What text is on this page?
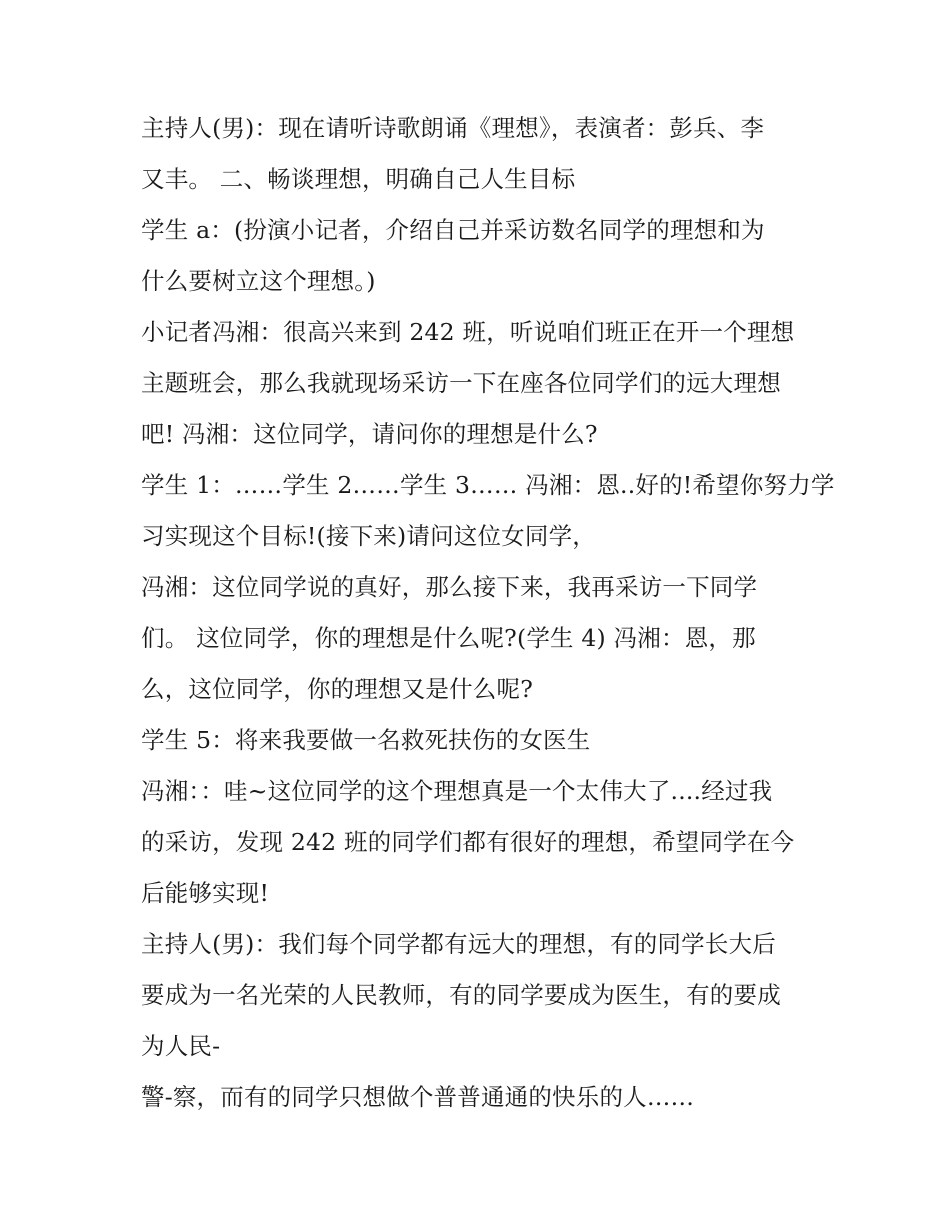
主持人(男)：现在请听诗歌朗诵《理想》，表演者：彭兵、李
又丰。 二、畅谈理想，明确自己人生目标
学生 a：(扮演小记者，介绍自己并采访数名同学的理想和为
什么要树立这个理想。)
小记者冯湘：很高兴来到 242 班，听说咱们班正在开一个理想
主题班会，那么我就现场采访一下在座各位同学们的远大理想
吧! 冯湘：这位同学，请问你的理想是什么?
学生 1：……学生 2……学生 3…… 冯湘：恩..好的!希望你努力学
习实现这个目标!(接下来)请问这位女同学，
冯湘：这位同学说的真好，那么接下来，我再采访一下同学
们。 这位同学，你的理想是什么呢?(学生 4) 冯湘：恩，那
么，这位同学，你的理想又是什么呢?
学生 5：将来我要做一名救死扶伤的女医生
冯湘：：哇~这位同学的这个理想真是一个太伟大了....经过我
的采访，发现 242 班的同学们都有很好的理想，希望同学在今
后能够实现!
主持人(男)：我们每个同学都有远大的理想，有的同学长大后
要成为一名光荣的人民教师，有的同学要成为医生，有的要成
为人民-
警-察，而有的同学只想做个普普通通的快乐的人……
